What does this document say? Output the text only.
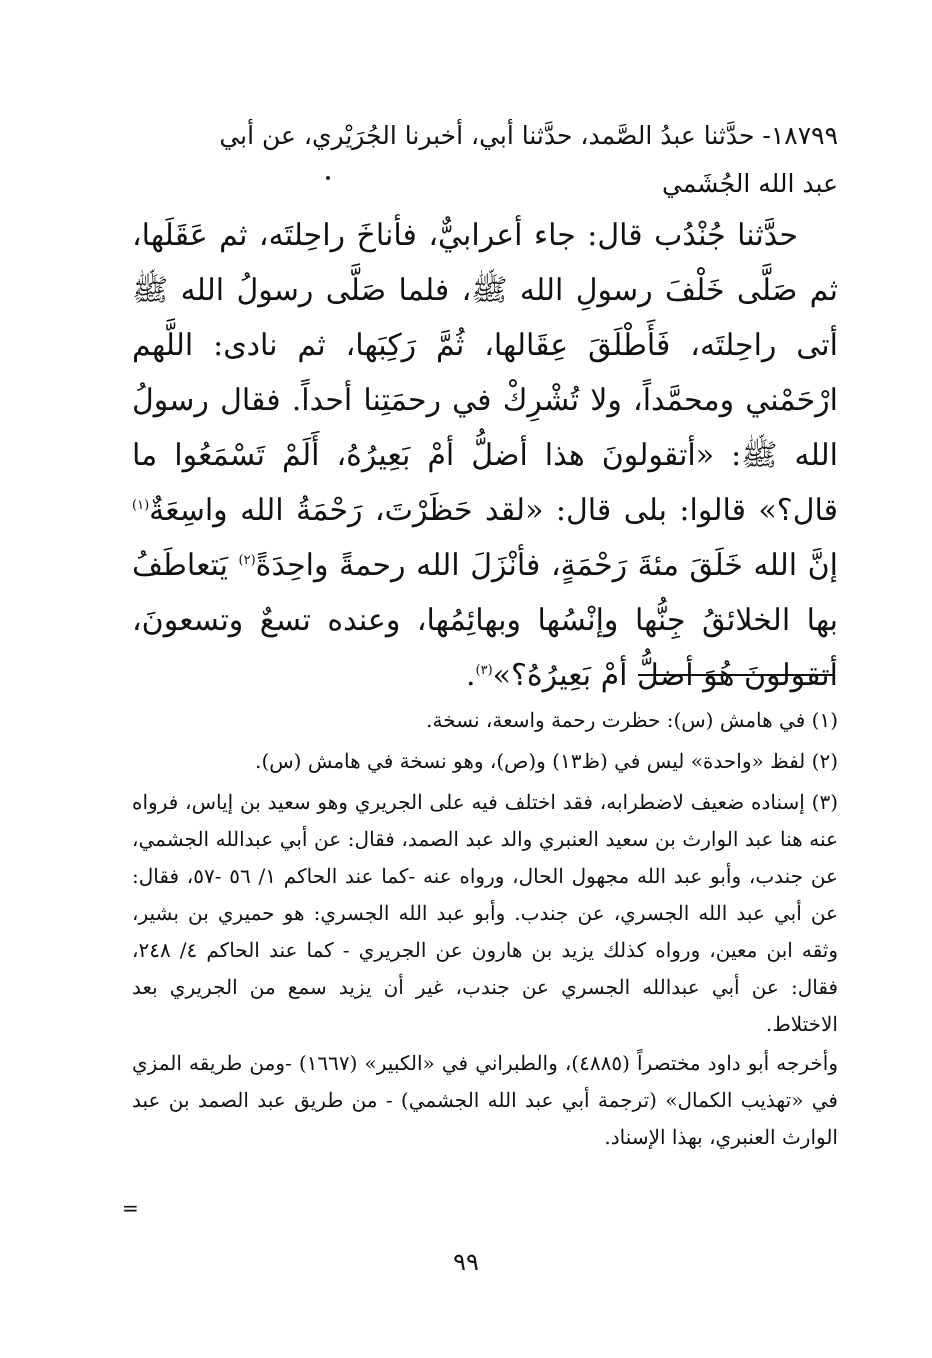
١٨٧٩٩- حدَّثنا عبدُ الصَّمد، حدَّثنا أبي، أخبرنا الجُرَيْري، عن أبي

عبد الله الجُشَمي

حدَّثنا جُنْدُب قال: جاء أعرابيٌّ، فأناخَ راحِلتَه، ثم عَقَلَها، ثم صَلَّى خَلْفَ رسولِ الله ﷺ، فلما صَلَّى رسولُ الله ﷺ أتى راحِلتَه، فَأَطْلَقَ عِقَالها، ثُمَّ رَكِبَها، ثم نادى: اللَّهم ارْحَمْني ومحمَّداً، ولا تُشْرِكْ في رحمَتِنا أحداً. فقال رسولُ الله ﷺ: «أتقولونَ هذا أضلُّ أمْ بَعِيرُهُ، أَلَمْ تَسْمَعُوا ما قال؟» قالوا: بلى قال: «لقد حَظَرْتَ، رَحْمَةُ الله واسِعَةٌ$^{(١)}$ إنَّ الله خَلَقَ مئةَ رَحْمَةٍ، فأنْزَلَ الله رحمةً واحِدَةً$^{(٢)}$ يَتعاطَفُ بها الخلائقُ جِنُّها وإنْسُها وبهائِمُها، وعنده تسعٌ وتسعونَ، أتقولونَ هُوَ أضلُّ أمْ بَعِيرُهُ؟»$^{(٣)}$.

(١) في هامش (س): حظرت رحمة واسعة، نسخة.

(٢) لفظ «واحدة» ليس في (ظ١٣) و(ص)، وهو نسخة في هامش (س).

(٣) إسناده ضعيف لاضطرابه، فقد اختلف فيه على الجريري وهو سعيد بن إياس، فرواه عنه هنا عبد الوارث بن سعيد العنبري والد عبد الصمد، فقال: عن أبي عبدالله الجشمي، عن جندب، وأبو عبد الله مجهول الحال، ورواه عنه -كما عند الحاكم ١/ ٥٦ -٥٧، فقال: عن أبي عبد الله الجسري، عن جندب. وأبو عبد الله الجسري: هو حميري بن بشير، وثقه ابن معين، ورواه كذلك يزيد بن هارون عن الجريري - كما عند الحاكم ٤/ ٢٤٨، فقال: عن أبي عبدالله الجسري عن جندب، غير أن يزيد سمع من الجريري بعد الاختلاط.

وأخرجه أبو داود مختصراً (٤٨٨٥)، والطبراني في «الكبير» (١٦٦٧) -ومن طريقه المزي في «تهذيب الكمال» (ترجمة أبي عبد الله الجشمي) - من طريق عبد الصمد بن عبد الوارث العنبري، بهذا الإسناد.

=
٩٩
